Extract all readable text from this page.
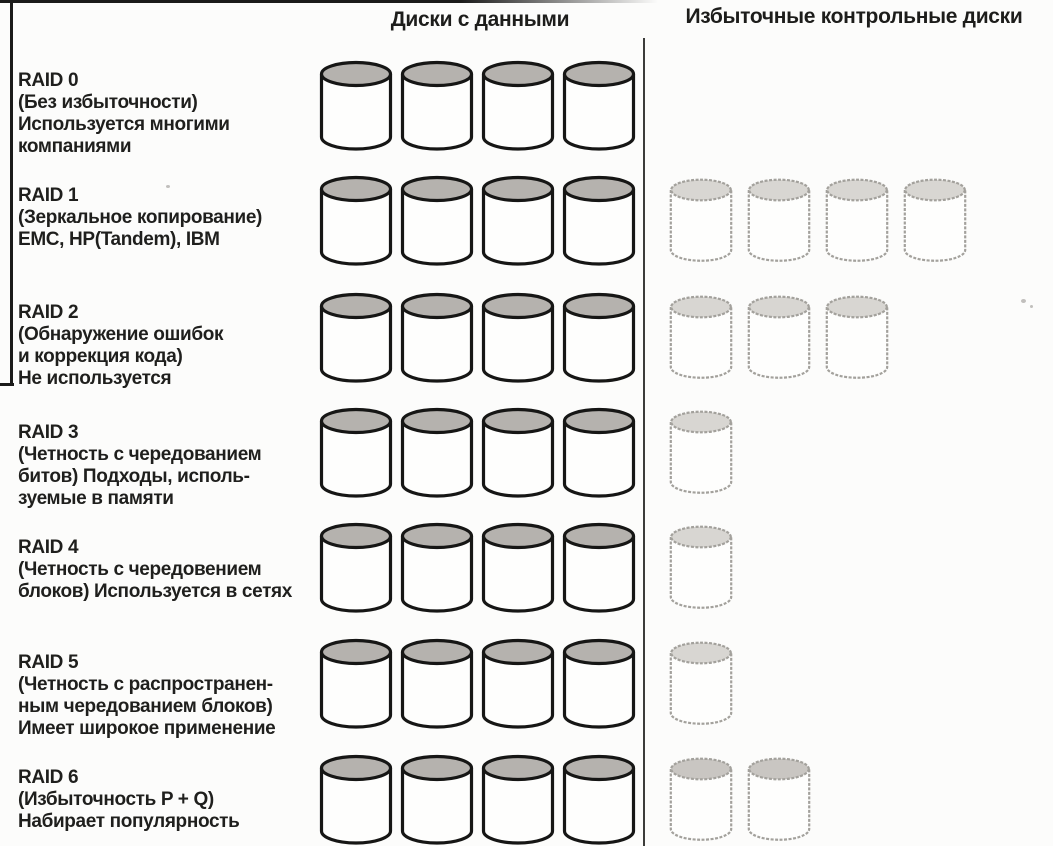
Диски с данными	Избыточные контрольные диски
RAID 0
(Без избыточности)
Используется многими
компаниями
RAID 1
(Зеркальное копирование)
EMC, HP(Tandem), IBM
RAID 2
(Обнаружение ошибок
и коррекция кода)
Не используется
RAID 3
(Четность с чередованием
битов) Подходы, исполь-
зуемые в памяти
RAID 4
(Четность с чередовением
блоков) Используется в сетях
RAID 5
(Четность с распространен-
ным чередованием блоков)
Имеет широкое применение
RAID 6
(Избыточность P + Q)
Набирает популярность
